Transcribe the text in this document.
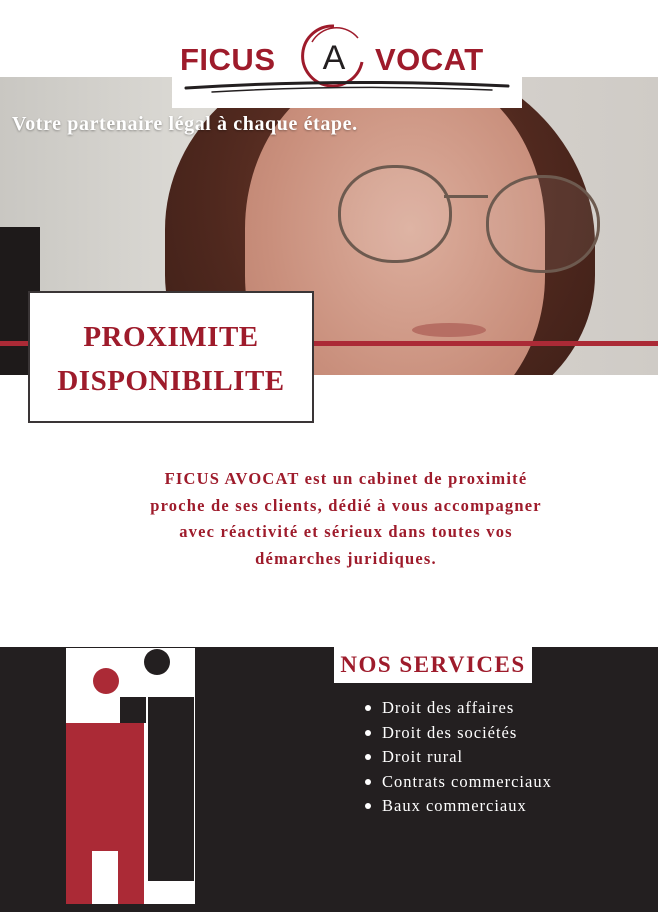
Votre partenaire légal à chaque étape.

FICUS A VOCAT
PROXIMITE
DISPONIBILITE

FICUS AVOCAT est un cabinet de proximité proche de ses clients, dédié à vous accompagner avec réactivité et sérieux dans toutes vos démarches juridiques.

NOS SERVICES
Droit des affaires
Droit des sociétés
Droit rural
Contrats commerciaux
Baux commerciaux
